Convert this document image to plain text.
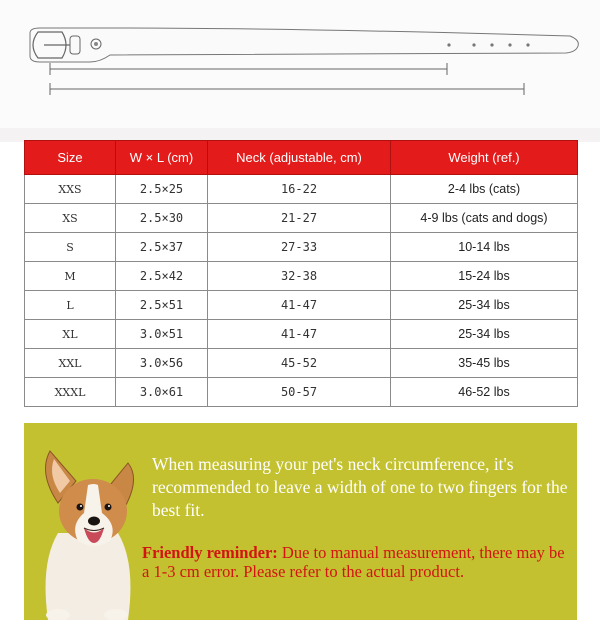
Size	W × L (cm)	Neck (adjustable, cm)	Weight (ref.)
XXS	2.5×25	16-22	2-4 lbs (cats)
XS	2.5×30	21-27	4-9 lbs (cats and dogs)
S	2.5×37	27-33	10-14 lbs
M	2.5×42	32-38	15-24 lbs
L	2.5×51	41-47	25-34 lbs
XL	3.0×51	41-47	25-34 lbs
XXL	3.0×56	45-52	35-45 lbs
XXXL	3.0×61	50-57	46-52 lbs

When measuring your pet's neck circumference, it's recommended to leave a width of one to two fingers for the best fit.

Friendly reminder: Due to manual measurement, there may be a 1-3 cm error. Please refer to the actual product.
